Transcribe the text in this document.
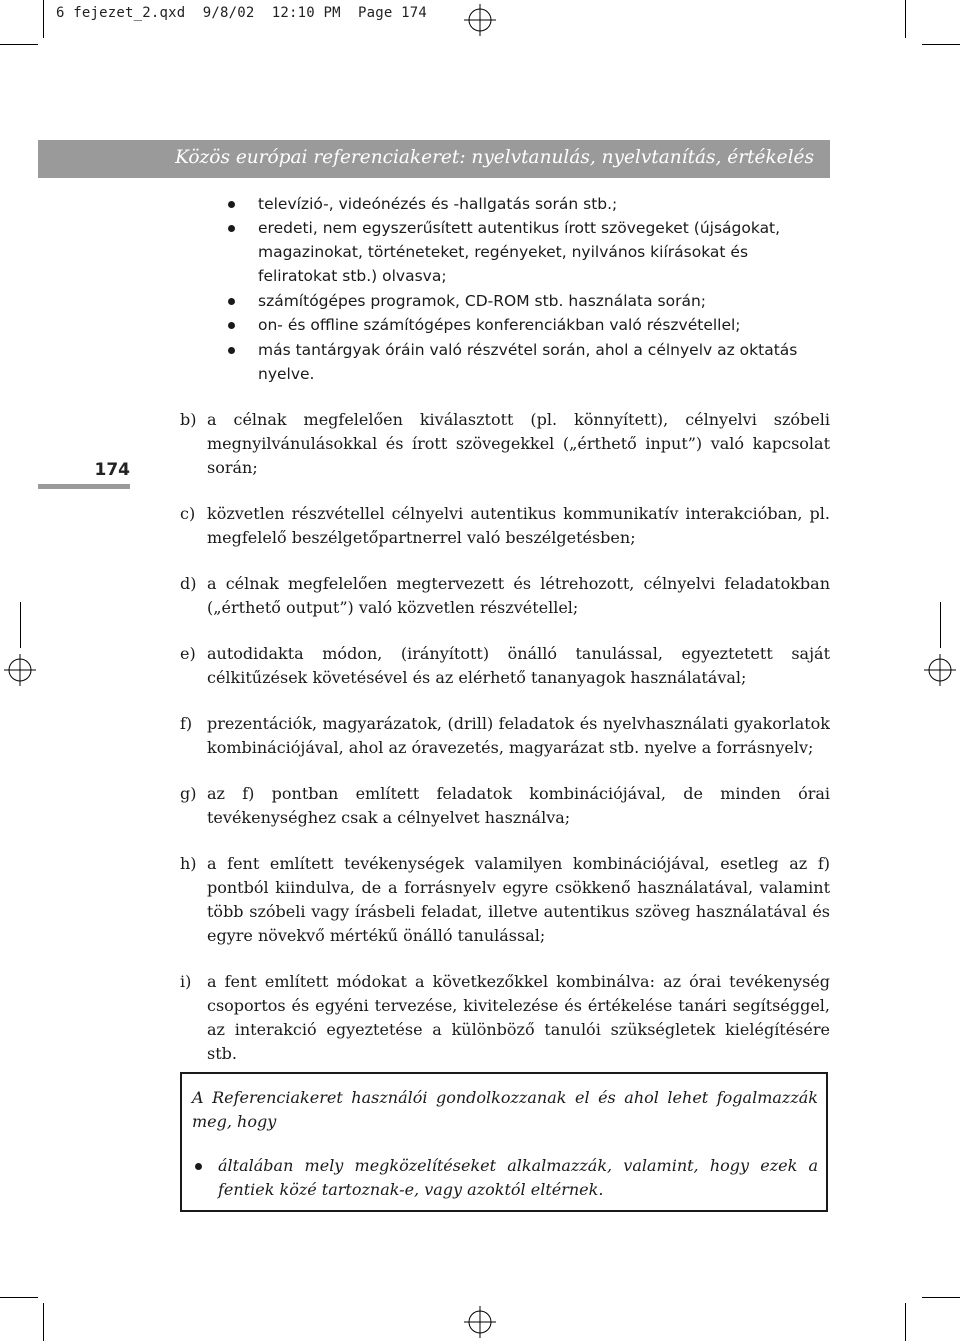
6 fejezet_2.qxd  9/8/02  12:10 PM  Page 174
Közös európai referenciakeret: nyelvtanulás, nyelvtanítás, értékelés
174
televízió-, videónézés és -hallgatás során stb.;
eredeti, nem egyszerűsített autentikus írott szövegeket (újságokat, magazinokat, történeteket, regényeket, nyilvános kiírásokat és feliratokat stb.) olvasva;
számítógépes programok, CD-ROM stb. használata során;
on- és offline számítógépes konferenciákban való részvétellel;
más tantárgyak óráin való részvétel során, ahol a célnyelv az oktatás nyelve.
b) a célnak megfelelően kiválasztott (pl. könnyített), célnyelvi szóbeli megnyilvánulásokkal és írott szövegekkel („érthető input”) való kapcsolat során;
c) közvetlen részvétellel célnyelvi autentikus kommunikatív interakcióban, pl. megfelelő beszélgetőpartnerrel való beszélgetésben;
d) a célnak megfelelően megtervezett és létrehozott, célnyelvi feladatokban („érthető output”) való közvetlen részvétellel;
e) autodidakta módon, (irányított) önálló tanulással, egyeztetett saját célkitűzések követésével és az elérhető tananyagok használatával;
f) prezentációk, magyarázatok, (drill) feladatok és nyelvhasználati gyakorlatok kombinációjával, ahol az óravezetés, magyarázat stb. nyelve a forrásnyelv;
g) az f) pontban említett feladatok kombinációjával, de minden órai tevékenységhez csak a célnyelvet használva;
h) a fent említett tevékenységek valamilyen kombinációjával, esetleg az f) pontból kiindulva, de a forrásnyelv egyre csökkenő használatával, valamint több szóbeli vagy írásbeli feladat, illetve autentikus szöveg használatával és egyre növekvő mértékű önálló tanulással;
i) a fent említett módokat a következőkkel kombinálva: az órai tevékenység csoportos és egyéni tervezése, kivitelezése és értékelése tanári segítséggel, az interakció egyeztetése a különböző tanulói szükségletek kielégítésére stb.
A Referenciakeret használói gondolkozzanak el és ahol lehet fogalmazzák meg, hogy
általában mely megközelítéseket alkalmazzák, valamint, hogy ezek a fentiek közé tartoznak-e, vagy azoktól eltérnek.
